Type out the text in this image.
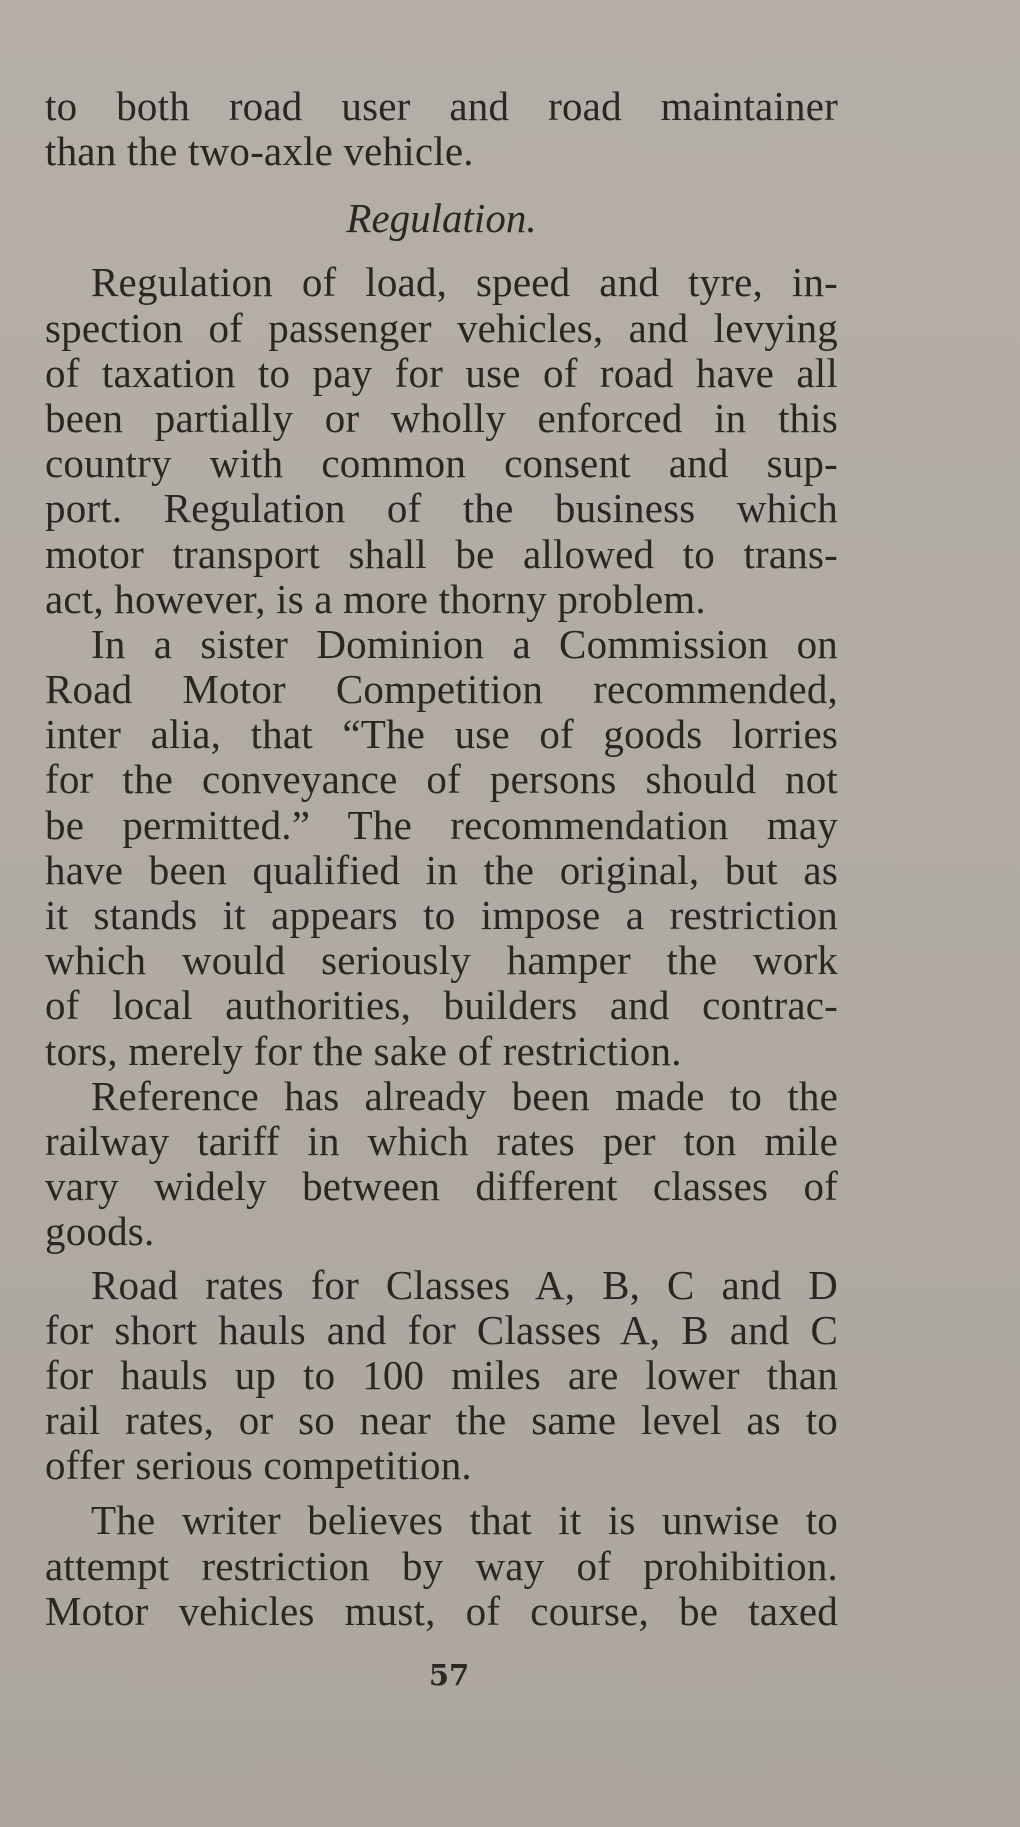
to both road user and road maintainer
than the two-axle vehicle.
Regulation.
Regulation of load, speed and tyre, in-
spection of passenger vehicles, and levying
of taxation to pay for use of road have all
been partially or wholly enforced in this
country with common consent and sup-
port. Regulation of the business which
motor transport shall be allowed to trans-
act, however, is a more thorny problem.
In a sister Dominion a Commission on
Road Motor Competition recommended,
inter alia, that “The use of goods lorries
for the conveyance of persons should not
be permitted.” The recommendation may
have been qualified in the original, but as
it stands it appears to impose a restriction
which would seriously hamper the work
of local authorities, builders and contrac-
tors, merely for the sake of restriction.
Reference has already been made to the
railway tariff in which rates per ton mile
vary widely between different classes of
goods.
Road rates for Classes A, B, C and D
for short hauls and for Classes A, B and C
for hauls up to 100 miles are lower than
rail rates, or so near the same level as to
offer serious competition.
The writer believes that it is unwise to
attempt restriction by way of prohibition.
Motor vehicles must, of course, be taxed
57
